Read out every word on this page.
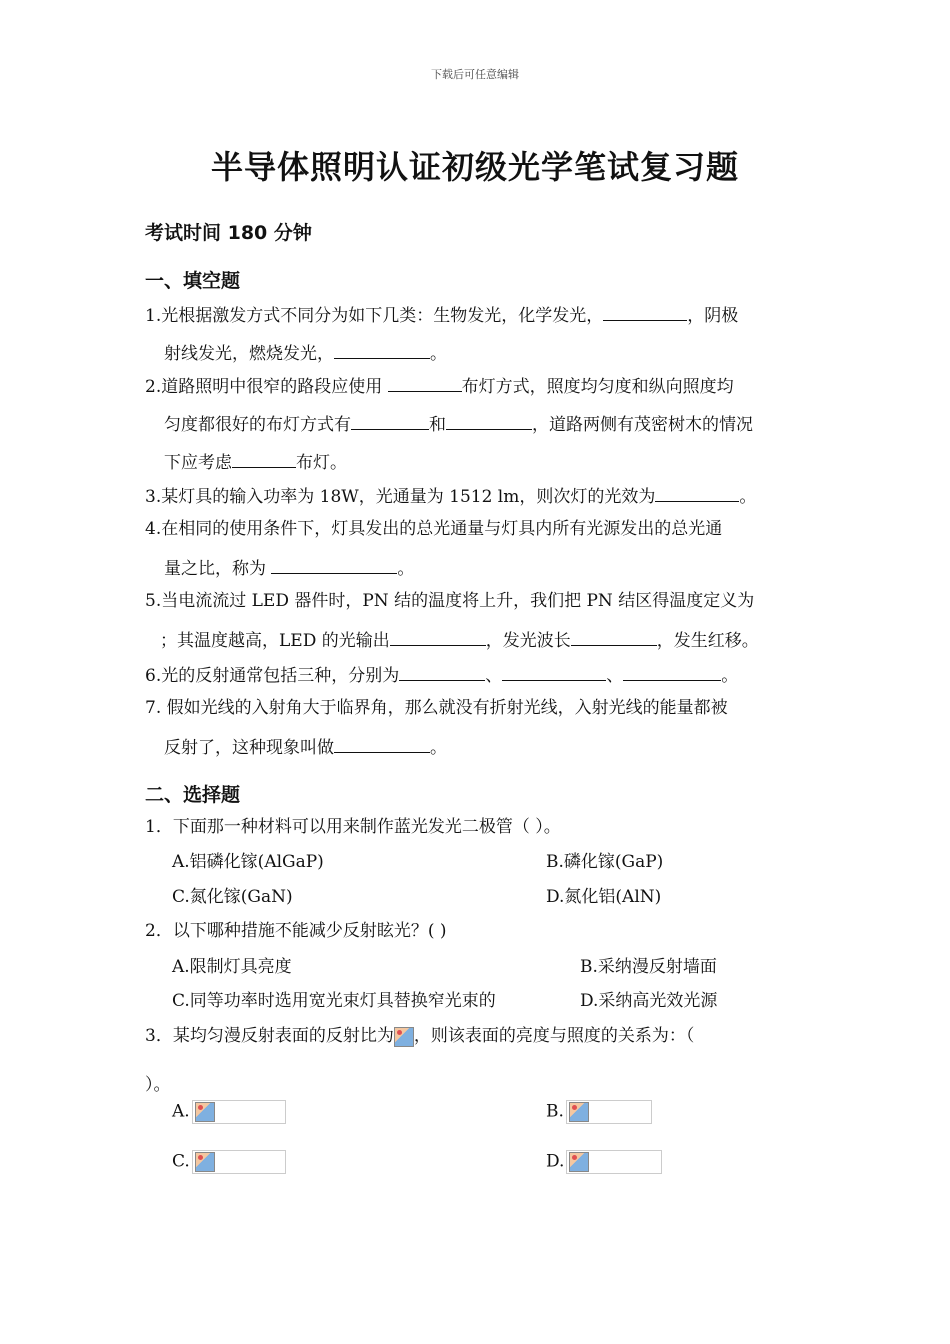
下载后可任意编辑
半导体照明认证初级光学笔试复习题
考试时间 180 分钟
一、填空题
1.光根据激发方式不同分为如下几类：生物发光，化学发光，	，阴极
射线发光，燃烧发光，	。
2.道路照明中很窄的路段应使用	布灯方式，照度均匀度和纵向照度均
匀度都很好的布灯方式有	和	，道路两侧有茂密树木的情况
下应考虑	布灯。
3.某灯具的输入功率为 18W，光通量为 1512 lm，则次灯的光效为	。
4.在相同的使用条件下，灯具发出的总光通量与灯具内所有光源发出的总光通
量之比，称为	。
5.当电流流过 LED 器件时，PN 结的温度将上升，我们把 PN 结区得温度定义为
；其温度越高，LED 的光输出	，发光波长	，发生红移。
6.光的反射通常包括三种，分别为	、	、	。
7. 假如光线的入射角大于临界角，那么就没有折射光线，入射光线的能量都被
反射了，这种现象叫做	。
二、选择题
1．下面那一种材料可以用来制作蓝光发光二极管（ ）。
A.铝磷化镓(AlGaP)	B.磷化镓(GaP)
C.氮化镓(GaN)	D.氮化铝(AlN)
2．以下哪种措施不能减少反射眩光？( )
A.限制灯具亮度	B.采纳漫反射墙面
C.同等功率时选用宽光束灯具替换窄光束的	D.采纳高光效光源
3．某均匀漫反射表面的反射比为 ，则该表面的亮度与照度的关系为：（
）。
A.	B.
C.	D.
